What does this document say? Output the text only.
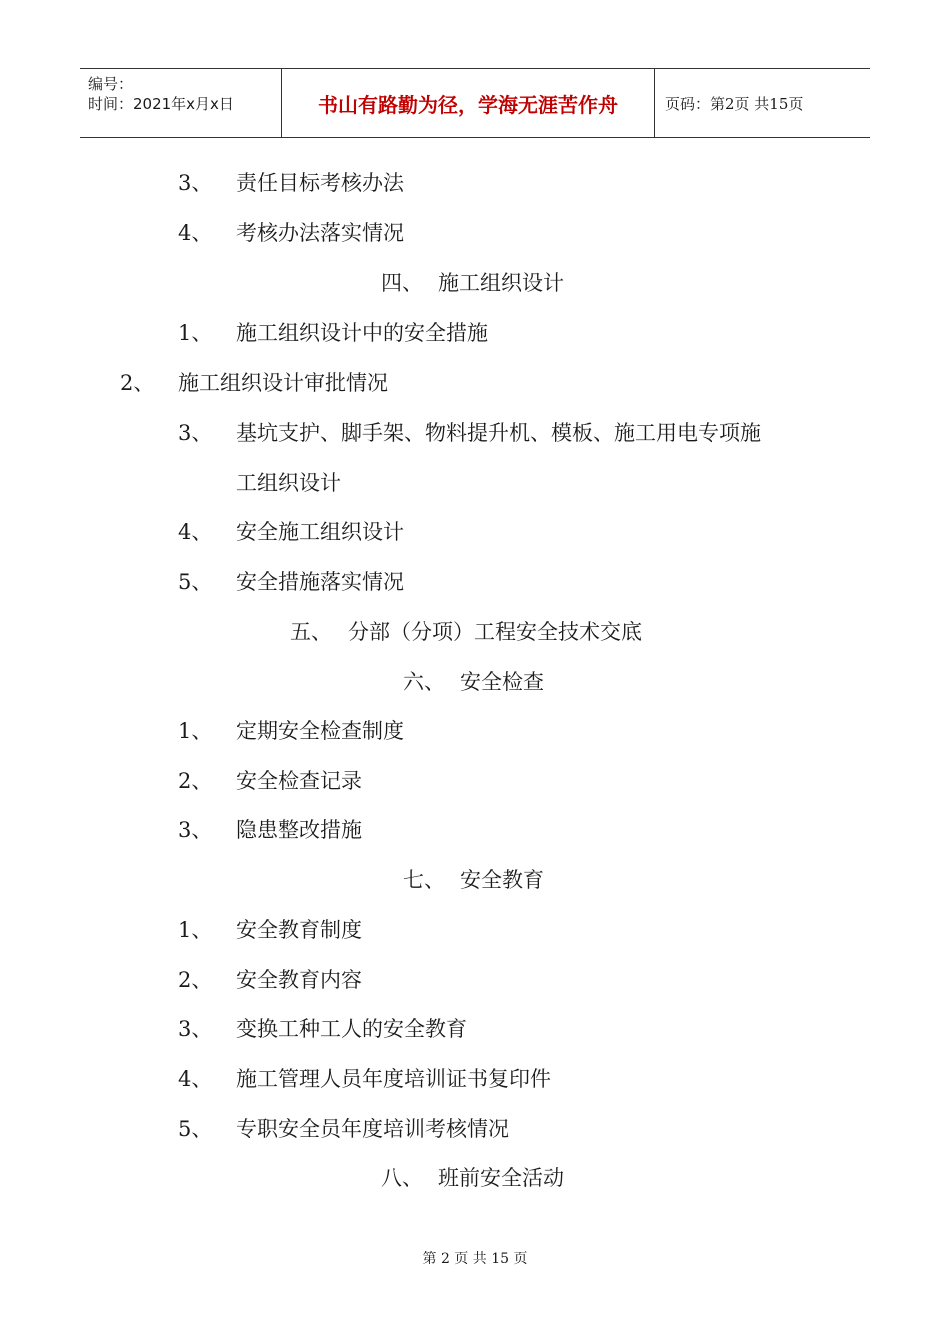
编号：
时间：2021年x月x日	书山有路勤为径，学海无涯苦作舟	页码：第2页 共15页
3、 责任目标考核办法
4、 考核办法落实情况
四、 施工组织设计
1、 施工组织设计中的安全措施
2、 施工组织设计审批情况
3、 基坑支护、脚手架、物料提升机、模板、施工用电专项施
工组织设计
4、 安全施工组织设计
5、 安全措施落实情况
五、 分部（分项）工程安全技术交底
六、 安全检查
1、 定期安全检查制度
2、 安全检查记录
3、 隐患整改措施
七、 安全教育
1、 安全教育制度
2、 安全教育内容
3、 变换工种工人的安全教育
4、 施工管理人员年度培训证书复印件
5、 专职安全员年度培训考核情况
八、 班前安全活动
第 2 页 共 15 页
